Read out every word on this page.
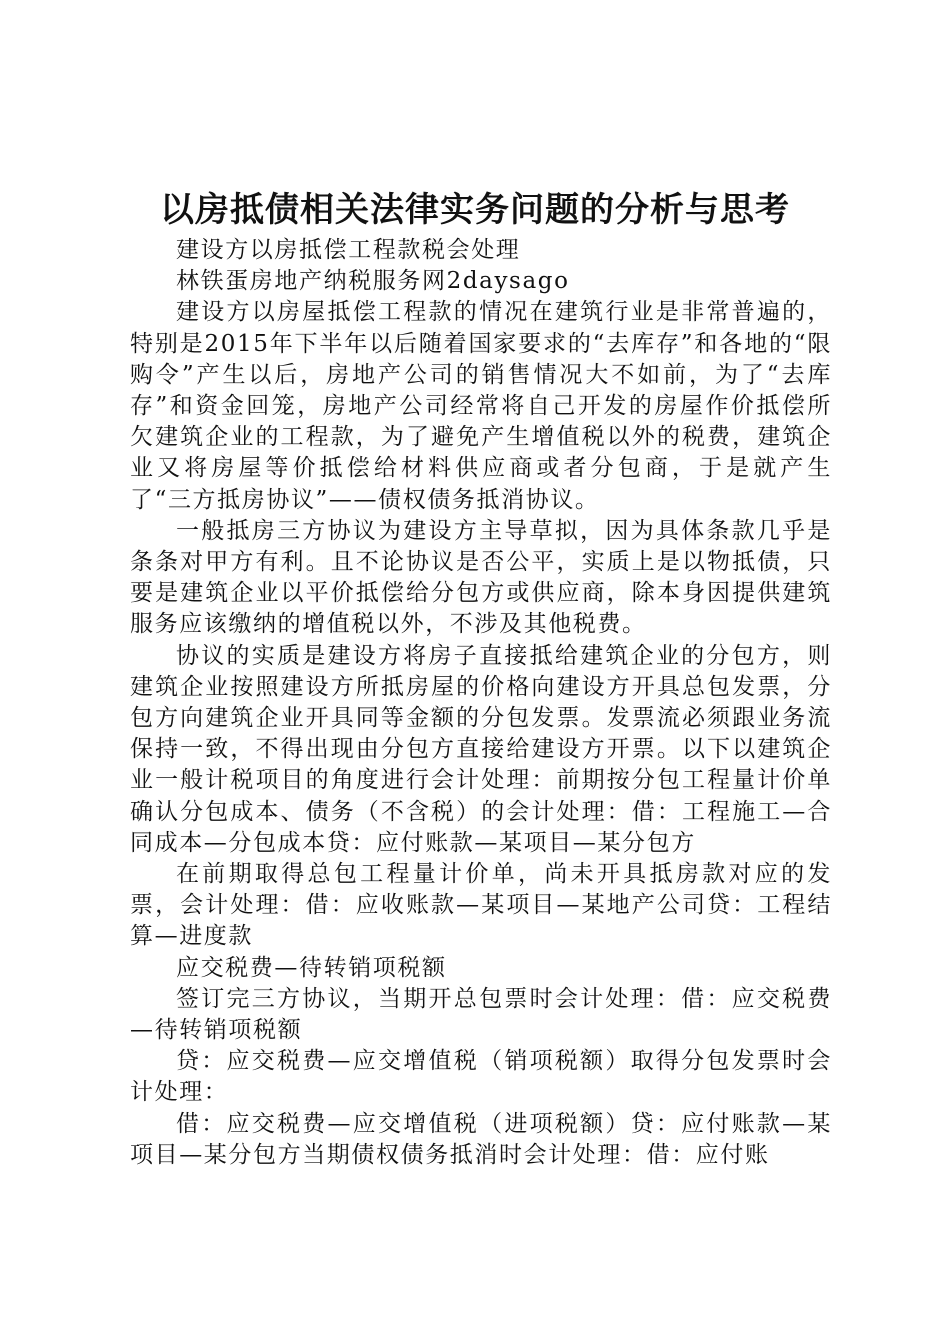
以房抵债相关法律实务问题的分析与思考

建设方以房抵偿工程款税会处理

林铁蛋房地产纳税服务网2daysago

建设方以房屋抵偿工程款的情况在建筑行业是非常普遍的，特别是2015年下半年以后随着国家要求的“去库存”和各地的“限购令”产生以后，房地产公司的销售情况大不如前，为了“去库存”和资金回笼，房地产公司经常将自己开发的房屋作价抵偿所欠建筑企业的工程款，为了避免产生增值税以外的税费，建筑企业又将房屋等价抵偿给材料供应商或者分包商，于是就产生了“三方抵房协议”——债权债务抵消协议。

一般抵房三方协议为建设方主导草拟，因为具体条款几乎是条条对甲方有利。且不论协议是否公平，实质上是以物抵债，只要是建筑企业以平价抵偿给分包方或供应商，除本身因提供建筑服务应该缴纳的增值税以外，不涉及其他税费。

协议的实质是建设方将房子直接抵给建筑企业的分包方，则建筑企业按照建设方所抵房屋的价格向建设方开具总包发票，分包方向建筑企业开具同等金额的分包发票。发票流必须跟业务流保持一致，不得出现由分包方直接给建设方开票。以下以建筑企业一般计税项目的角度进行会计处理：前期按分包工程量计价单确认分包成本、债务（不含税）的会计处理：借：工程施工—合同成本—分包成本贷：应付账款—某项目—某分包方

在前期取得总包工程量计价单，尚未开具抵房款对应的发票，会计处理：借：应收账款—某项目—某地产公司贷：工程结算—进度款

应交税费—待转销项税额

签订完三方协议，当期开总包票时会计处理：借：应交税费—待转销项税额

贷：应交税费—应交增值税（销项税额）取得分包发票时会计处理：

借：应交税费—应交增值税（进项税额）贷：应付账款—某项目—某分包方当期债权债务抵消时会计处理：借：应付账
